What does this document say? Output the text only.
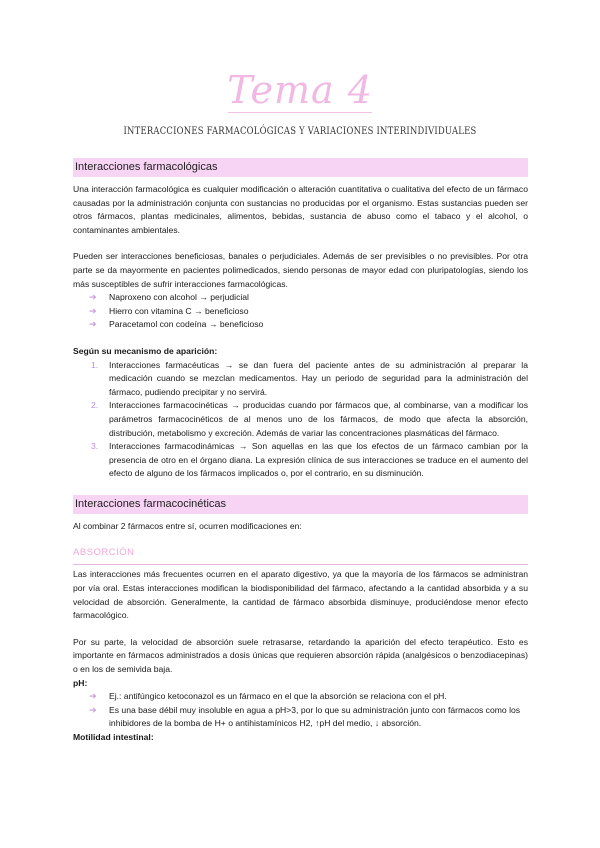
Tema 4
INTERACCIONES FARMACOLÓGICAS Y VARIACIONES INTERINDIVIDUALES
Interacciones farmacológicas

Una interacción farmacológica es cualquier modificación o alteración cuantitativa o cualitativa del efecto de un fármaco causadas por la administración conjunta con sustancias no producidas por el organismo. Estas sustancias pueden ser otros fármacos, plantas medicinales, alimentos, bebidas, sustancia de abuso como el tabaco y el alcohol, o contaminantes ambientales.

Pueden ser interacciones beneficiosas, banales o perjudiciales. Además de ser previsibles o no previsibles. Por otra parte se da mayormente en pacientes polimedicados, siendo personas de mayor edad con pluripatologías, siendo los más susceptibles de sufrir interacciones farmacológicas.

➔ Naproxeno con alcohol → perjudicial
➔ Hierro con vitamina C → beneficioso
➔ Paracetamol con codeína → beneficioso

Según su mecanismo de aparición:

1. Interacciones farmacéuticas → se dan fuera del paciente antes de su administración al preparar la medicación cuando se mezclan medicamentos. Hay un periodo de seguridad para la administración del fármaco, pudiendo precipitar y no servirá.
2. Interacciones farmacocinéticas → producidas cuando por fármacos que, al combinarse, van a modificar los parámetros farmacocinéticos de al menos uno de los fármacos, de modo que afecta la absorción, distribución, metabolismo y excreción. Además de variar las concentraciones plasmáticas del fármaco.
3. Interacciones farmacodinámicas → Son aquellas en las que los efectos de un fármaco cambian por la presencia de otro en el órgano diana. La expresión clínica de sus interacciones se traduce en el aumento del efecto de alguno de los fármacos implicados o, por el contrario, en su disminución.
Interacciones farmacocinéticas

Al combinar 2 fármacos entre sí, ocurren modificaciones en:

ABSORCIÓN

Las interacciones más frecuentes ocurren en el aparato digestivo, ya que la mayoría de los fármacos se administran por vía oral. Estas interacciones modifican la biodisponibilidad del fármaco, afectando a la cantidad absorbida y a su velocidad de absorción. Generalmente, la cantidad de fármaco absorbida disminuye, produciéndose menor efecto farmacológico.

Por su parte, la velocidad de absorción suele retrasarse, retardando la aparición del efecto terapéutico. Esto es importante en fármacos administrados a dosis únicas que requieren absorción rápida (analgésicos o benzodiacepinas) o en los de semivida baja.

pH:

➔ Ej.: antifúngico ketoconazol es un fármaco en el que la absorción se relaciona con el pH.
➔ Es una base débil muy insoluble en agua a pH>3, por lo que su administración junto con fármacos como los inhibidores de la bomba de H+ o antihistamínicos H2, ↑pH del medio, ↓ absorción.

Motilidad intestinal:
